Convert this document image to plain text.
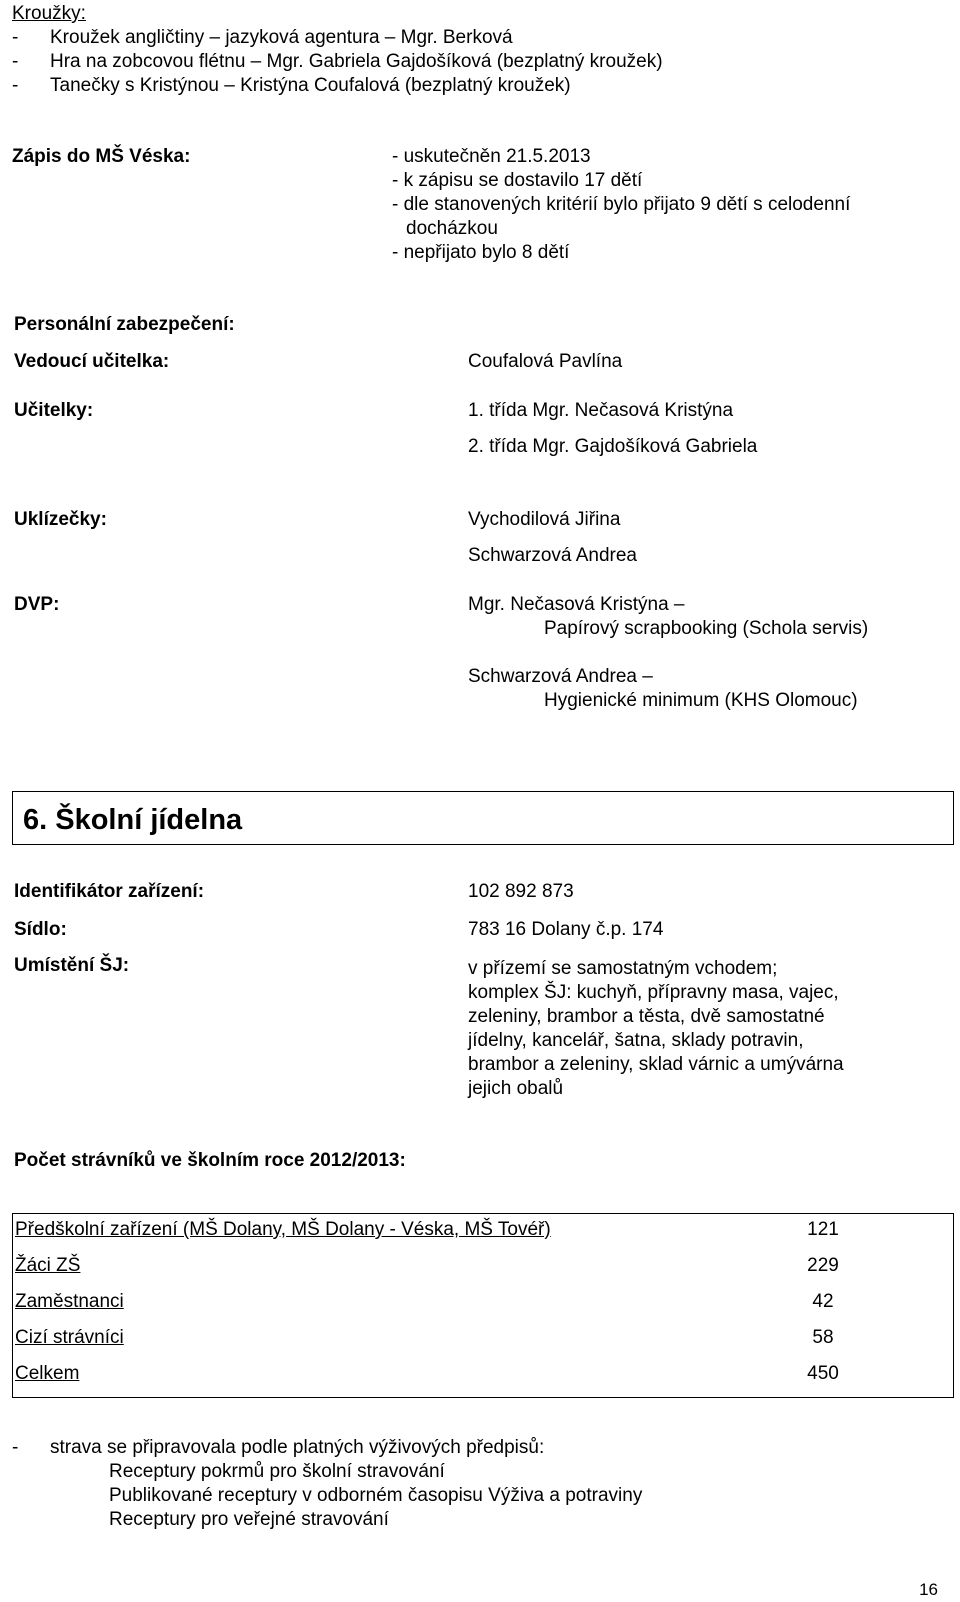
Kroužky:
- Kroužek angličtiny – jazyková agentura – Mgr. Berková
- Hra na zobcovou flétnu – Mgr. Gabriela Gajdošíková (bezplatný kroužek)
- Tanečky s Kristýnou – Kristýna Coufalová (bezplatný kroužek)
Zápis do MŠ Véska:	- uskutečněn 21.5.2013
- k zápisu se dostavilo 17 dětí
- dle stanovených kritérií bylo přijato 9 dětí s celodenní
docházkou
- nepřijato bylo 8 dětí
Personální zabezpečení:
Vedoucí učitelka:	Coufalová Pavlína
Učitelky:	1. třída Mgr. Nečasová Kristýna
2. třída Mgr. Gajdošíková Gabriela
Uklízečky:	Vychodilová Jiřina
Schwarzová Andrea
DVP:	Mgr. Nečasová Kristýna –
Papírový scrapbooking (Schola servis)
Schwarzová Andrea –
Hygienické minimum (KHS Olomouc)
6. Školní jídelna
Identifikátor zařízení:	102 892 873
Sídlo:	783 16 Dolany č.p. 174
Umístění ŠJ:	v přízemí se samostatným vchodem;
komplex ŠJ: kuchyň, přípravny masa, vajec,
zeleniny, brambor a těsta, dvě samostatné
jídelny, kancelář, šatna, sklady potravin,
brambor a zeleniny, sklad várnic a umývárna
jejich obalů
Počet strávníků ve školním roce 2012/2013:
Předškolní zařízení (MŠ Dolany, MŠ Dolany - Véska, MŠ Tovéř)	121
Žáci ZŠ	229
Zaměstnanci	42
Cizí strávníci	58
Celkem	450
- strava se připravovala podle platných výživových předpisů:
Receptury pokrmů pro školní stravování
Publikované receptury v odborném časopisu Výživa a potraviny
Receptury pro veřejné stravování
16
